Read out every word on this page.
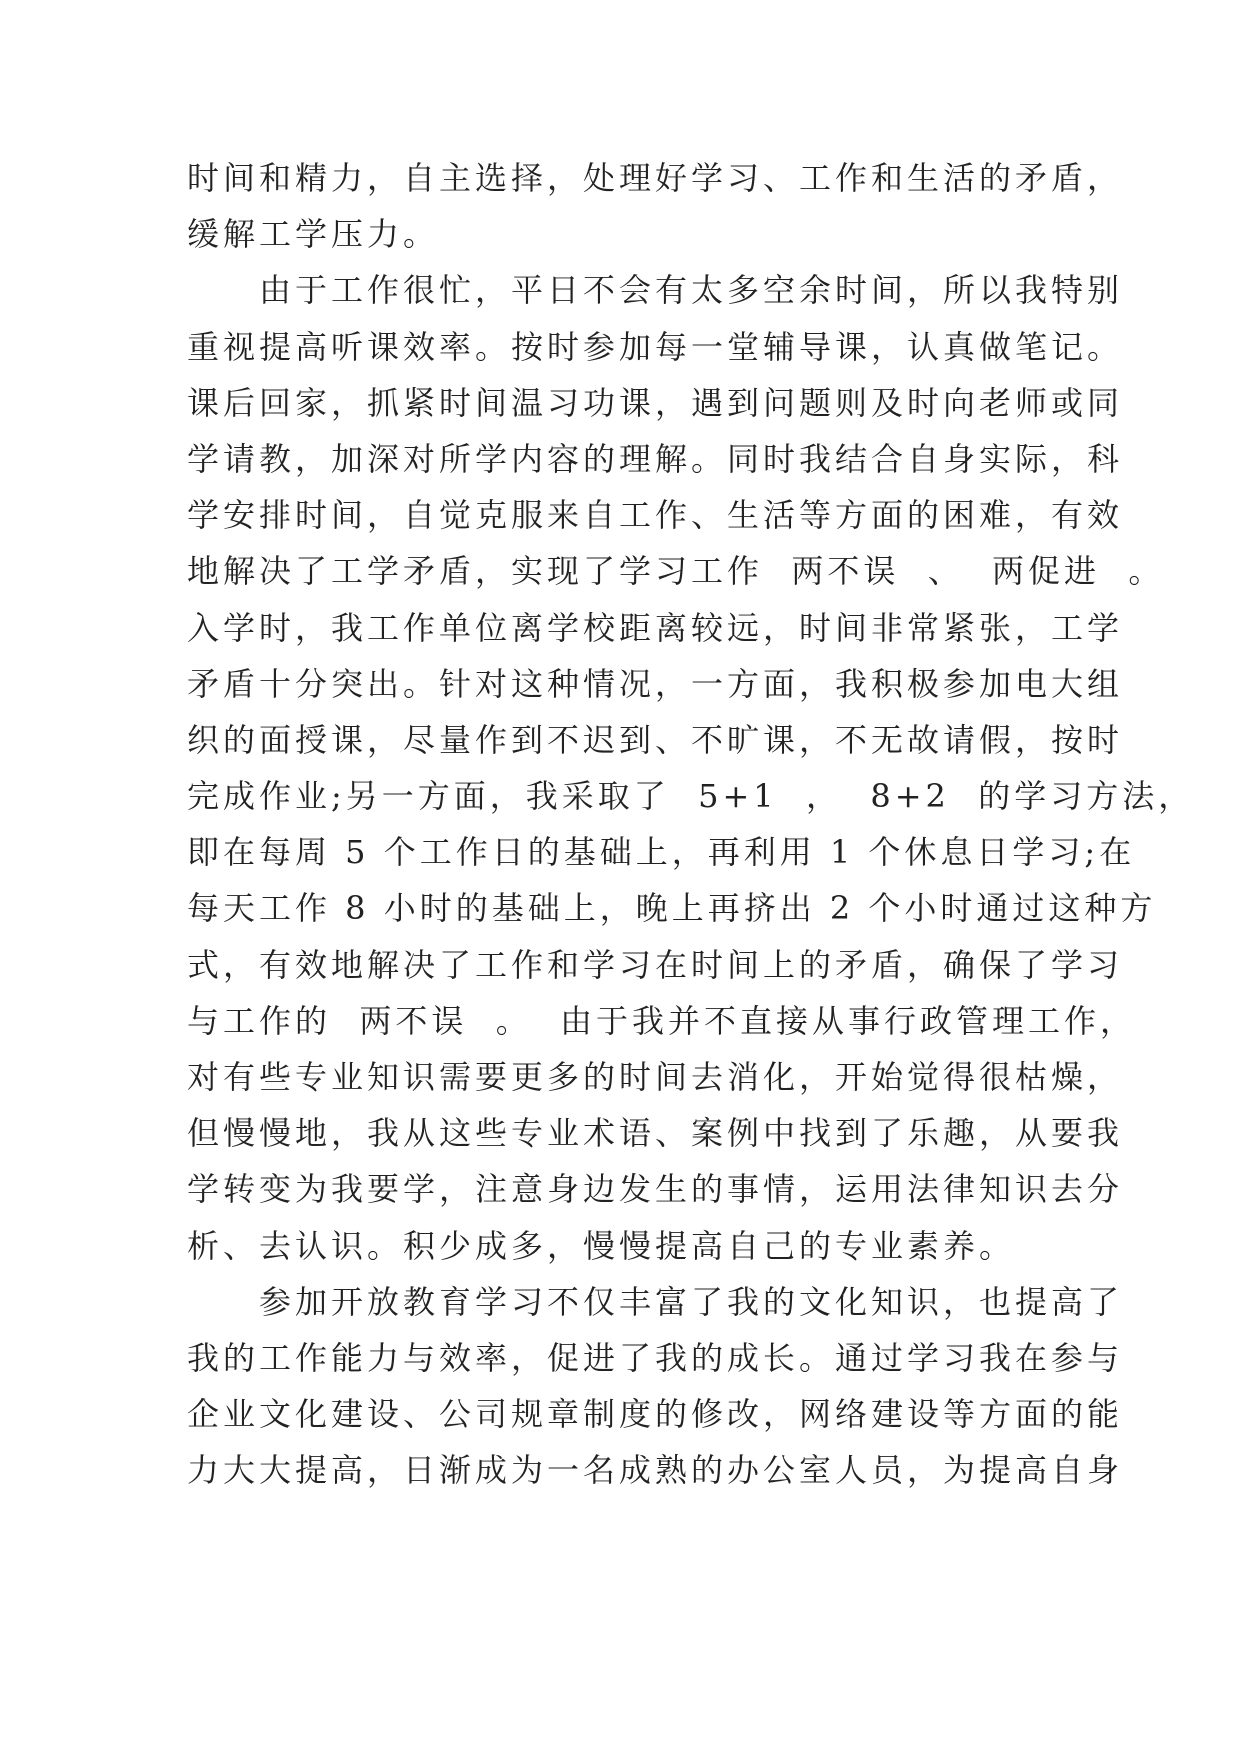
时间和精力，自主选择，处理好学习、工作和生活的矛盾，
缓解工学压力。
　　由于工作很忙，平日不会有太多空余时间，所以我特别
重视提高听课效率。按时参加每一堂辅导课，认真做笔记。
课后回家，抓紧时间温习功课，遇到问题则及时向老师或同
学请教，加深对所学内容的理解。同时我结合自身实际，科
学安排时间，自觉克服来自工作、生活等方面的困难，有效
地解决了工学矛盾，实现了学习工作  两不误  、  两促进  。
入学时，我工作单位离学校距离较远，时间非常紧张，工学
矛盾十分突出。针对这种情况，一方面，我积极参加电大组
织的面授课，尽量作到不迟到、不旷课，不无故请假，按时
完成作业;另一方面，我采取了  5+1  ，  8+2  的学习方法，
即在每周 5 个工作日的基础上，再利用 1 个休息日学习;在
每天工作 8 小时的基础上，晚上再挤出 2 个小时通过这种方
式，有效地解决了工作和学习在时间上的矛盾，确保了学习
与工作的  两不误  。  由于我并不直接从事行政管理工作，
对有些专业知识需要更多的时间去消化，开始觉得很枯燥，
但慢慢地，我从这些专业术语、案例中找到了乐趣，从要我
学转变为我要学，注意身边发生的事情，运用法律知识去分
析、去认识。积少成多，慢慢提高自己的专业素养。
　　参加开放教育学习不仅丰富了我的文化知识，也提高了
我的工作能力与效率，促进了我的成长。通过学习我在参与
企业文化建设、公司规章制度的修改，网络建设等方面的能
力大大提高，日渐成为一名成熟的办公室人员，为提高自身
